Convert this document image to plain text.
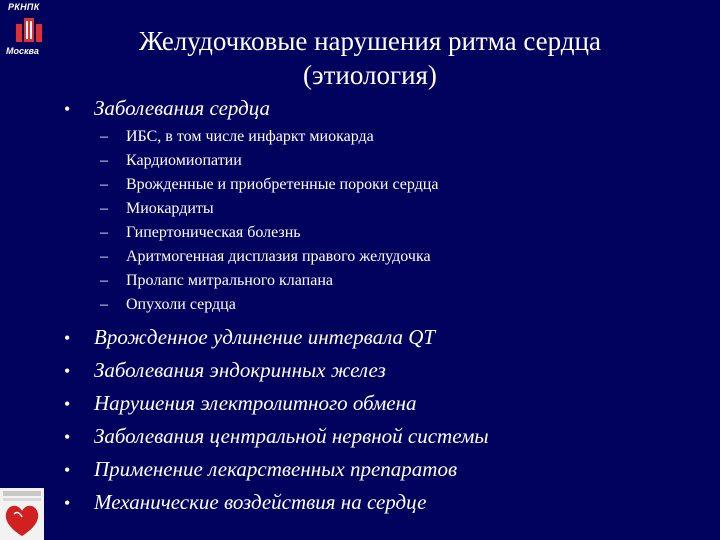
РКНПК
Москва	Желудочковые нарушения ритма сердца
(этиология)
•	Заболевания сердца
–	ИБС, в том числе инфаркт миокарда
–	Кардиомиопатии
–	Врожденные и приобретенные пороки сердца
–	Миокардиты
–	Гипертоническая болезнь
–	Аритмогенная дисплазия правого желудочка
–	Пролапс митрального клапана
–	Опухоли сердца
•	Врожденное удлинение интервала QT
•	Заболевания эндокринных желез
•	Нарушения электролитного обмена
•	Заболевания центральной нервной системы
•	Применение лекарственных препаратов
•	Механические воздействия на сердце
